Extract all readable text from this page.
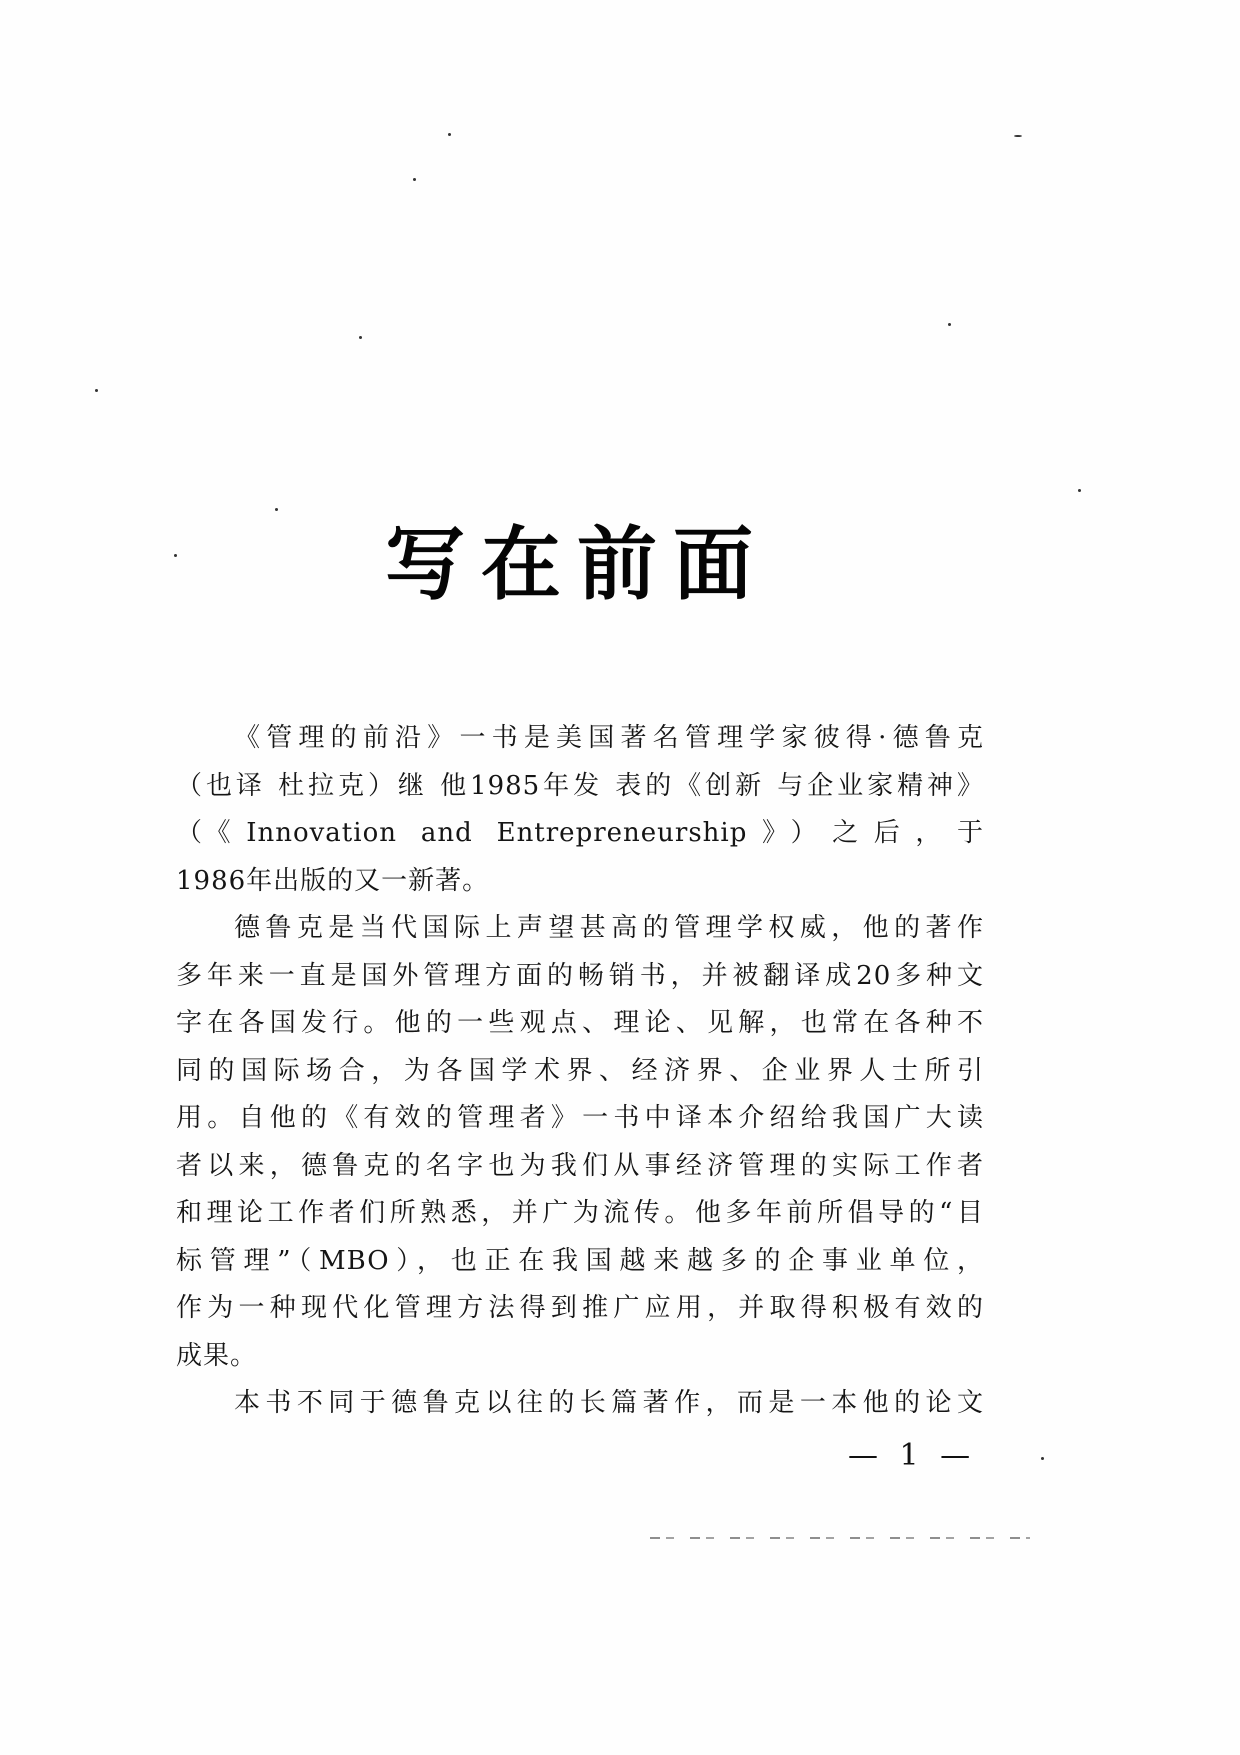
写在前面
《管理的前沿》一书是美国著名管理学家彼得·德鲁克
（也译 杜拉克）继 他1985年发 表的《创新 与企业家精神》
（《Innovation and Entrepreneurship》）之后，于
1986年出版的又一新著。
德鲁克是当代国际上声望甚高的管理学权威，他的著作
多年来一直是国外管理方面的畅销书，并被翻译成20多种文
字在各国发行。他的一些观点、理论、见解，也常在各种不
同的国际场合，为各国学术界、经济界、企业界人士所引
用。自他的《有效的管理者》一书中译本介绍给我国广大读
者以来，德鲁克的名字也为我们从事经济管理的实际工作者
和理论工作者们所熟悉，并广为流传。他多年前所倡导的“目
标管理”（MBO），也正在我国越来越多的企事业单位，
作为一种现代化管理方法得到推广应用，并取得积极有效的
成果。
本书不同于德鲁克以往的长篇著作，而是一本他的论文
— 1 —
